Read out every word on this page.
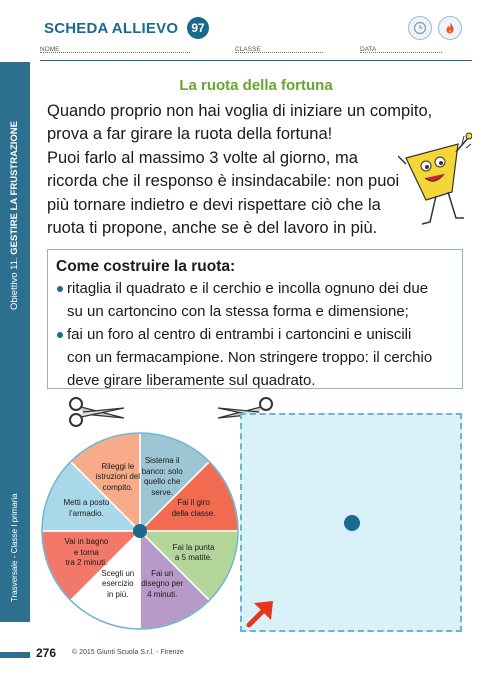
SCHEDA ALLIEVO	97
NOME	CLASSE	DATA
Obiettivo 11. GESTIRE LA FRUSTRAZIONE
Trasversale - Classe I primaria
La ruota della fortuna

Quando proprio non hai voglia di iniziare un compito,

prova a far girare la ruota della fortuna!

Puoi farlo al massimo 3 volte al giorno, ma

ricorda che il responso è insindacabile: non puoi

più tornare indietro e devi rispettare ciò che la

ruota ti propone, anche se è del lavoro in più.

Come costruire la ruota:

ritaglia il quadrato e il cerchio e incolla ognuno dei due

su un cartoncino con la stessa forma e dimensione;

fai un foro al centro di entrambi i cartoncini e uniscili

con un fermacampione. Non stringere troppo: il cerchio

deve girare liberamente sul quadrato.

Sistema il
banco: solo
quello che
serve.
Fai il giro
della classe.
Fai la punta
a 5 matite.
Fai un
disegno per
4 minuti.
Scegli un
esercizio
in più.
Vai in bagno
e torna
tra 2 minuti.
Metti a posto
l’armadio.
Rileggi le
istruzioni del
compito.
276 © 2015 Giunti Scuola S.r.l. - Firenze
